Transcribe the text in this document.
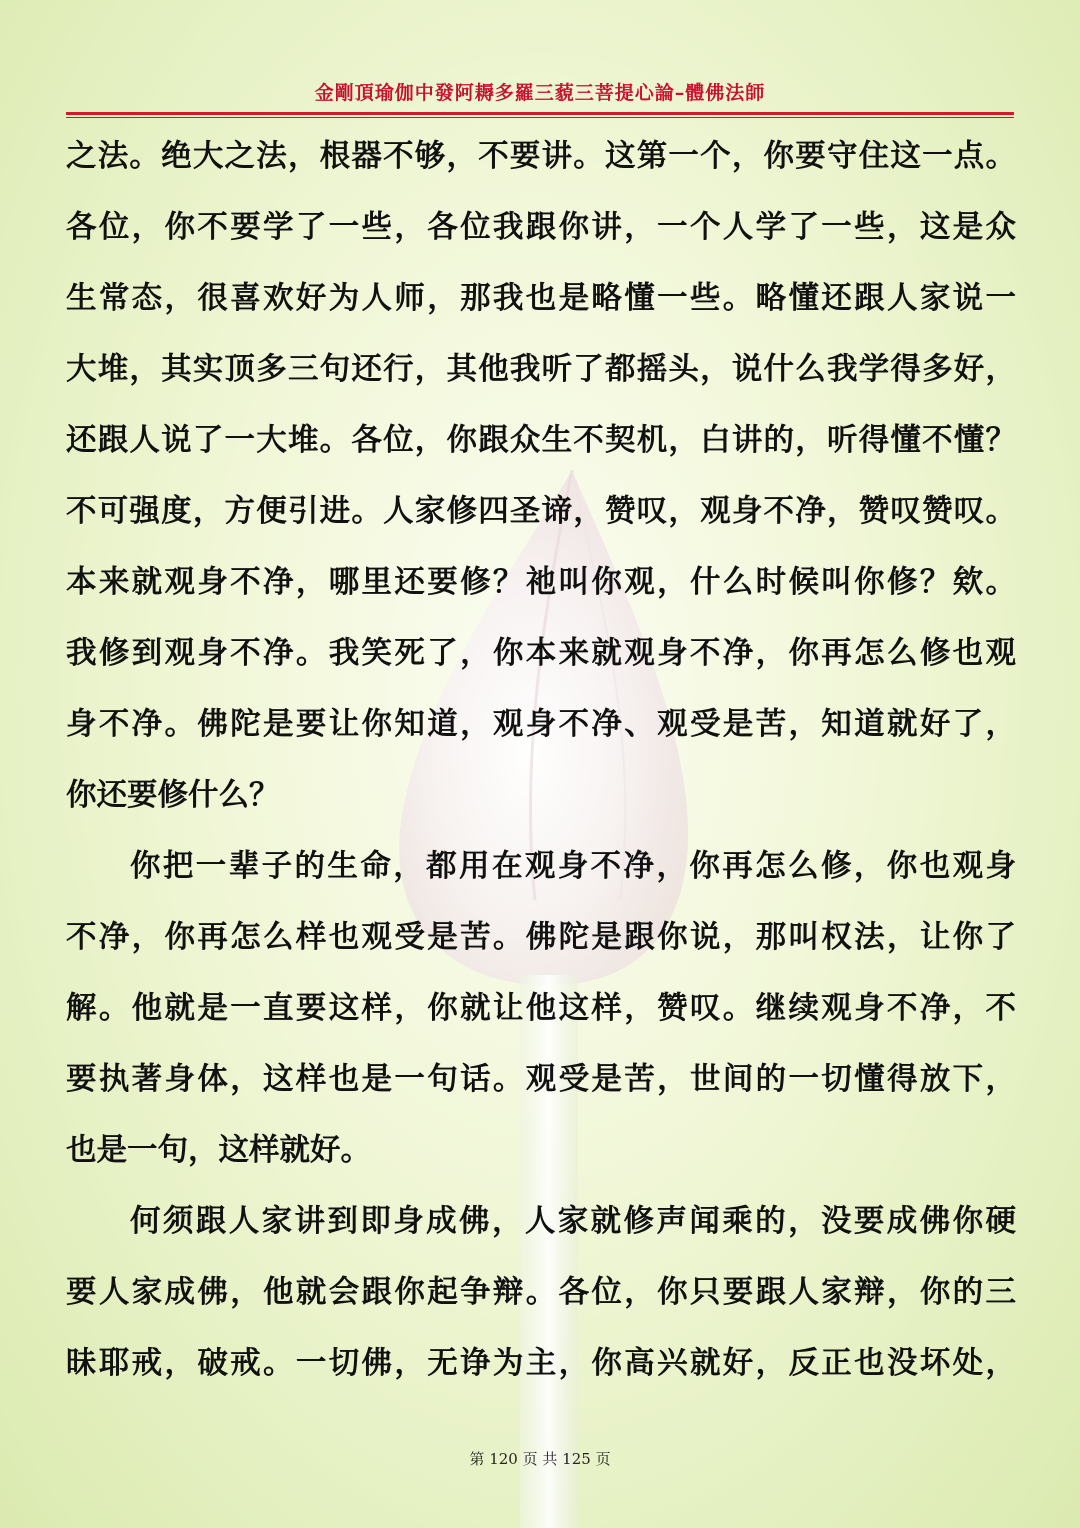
金剛頂瑜伽中發阿耨多羅三藐三菩提心論–體佛法師
之法。绝大之法，根器不够，不要讲。这第一个，你要守住这一点。
各位，你不要学了一些，各位我跟你讲，一个人学了一些，这是众
生常态，很喜欢好为人师，那我也是略懂一些。略懂还跟人家说一
大堆，其实顶多三句还行，其他我听了都摇头，说什么我学得多好，
还跟人说了一大堆。各位，你跟众生不契机，白讲的，听得懂不懂？
不可强度，方便引进。人家修四圣谛，赞叹，观身不净，赞叹赞叹。
本来就观身不净，哪里还要修？祂叫你观，什么时候叫你修？欸。
我修到观身不净。我笑死了，你本来就观身不净，你再怎么修也观
身不净。佛陀是要让你知道，观身不净、观受是苦，知道就好了，
你还要修什么？
你把一辈子的生命，都用在观身不净，你再怎么修，你也观身
不净，你再怎么样也观受是苦。佛陀是跟你说，那叫权法，让你了
解。他就是一直要这样，你就让他这样，赞叹。继续观身不净，不
要执著身体，这样也是一句话。观受是苦，世间的一切懂得放下，
也是一句，这样就好。
何须跟人家讲到即身成佛，人家就修声闻乘的，没要成佛你硬
要人家成佛，他就会跟你起争辩。各位，你只要跟人家辩，你的三
昧耶戒，破戒。一切佛，无诤为主，你高兴就好，反正也没坏处，
第 120 页 共 125 页
